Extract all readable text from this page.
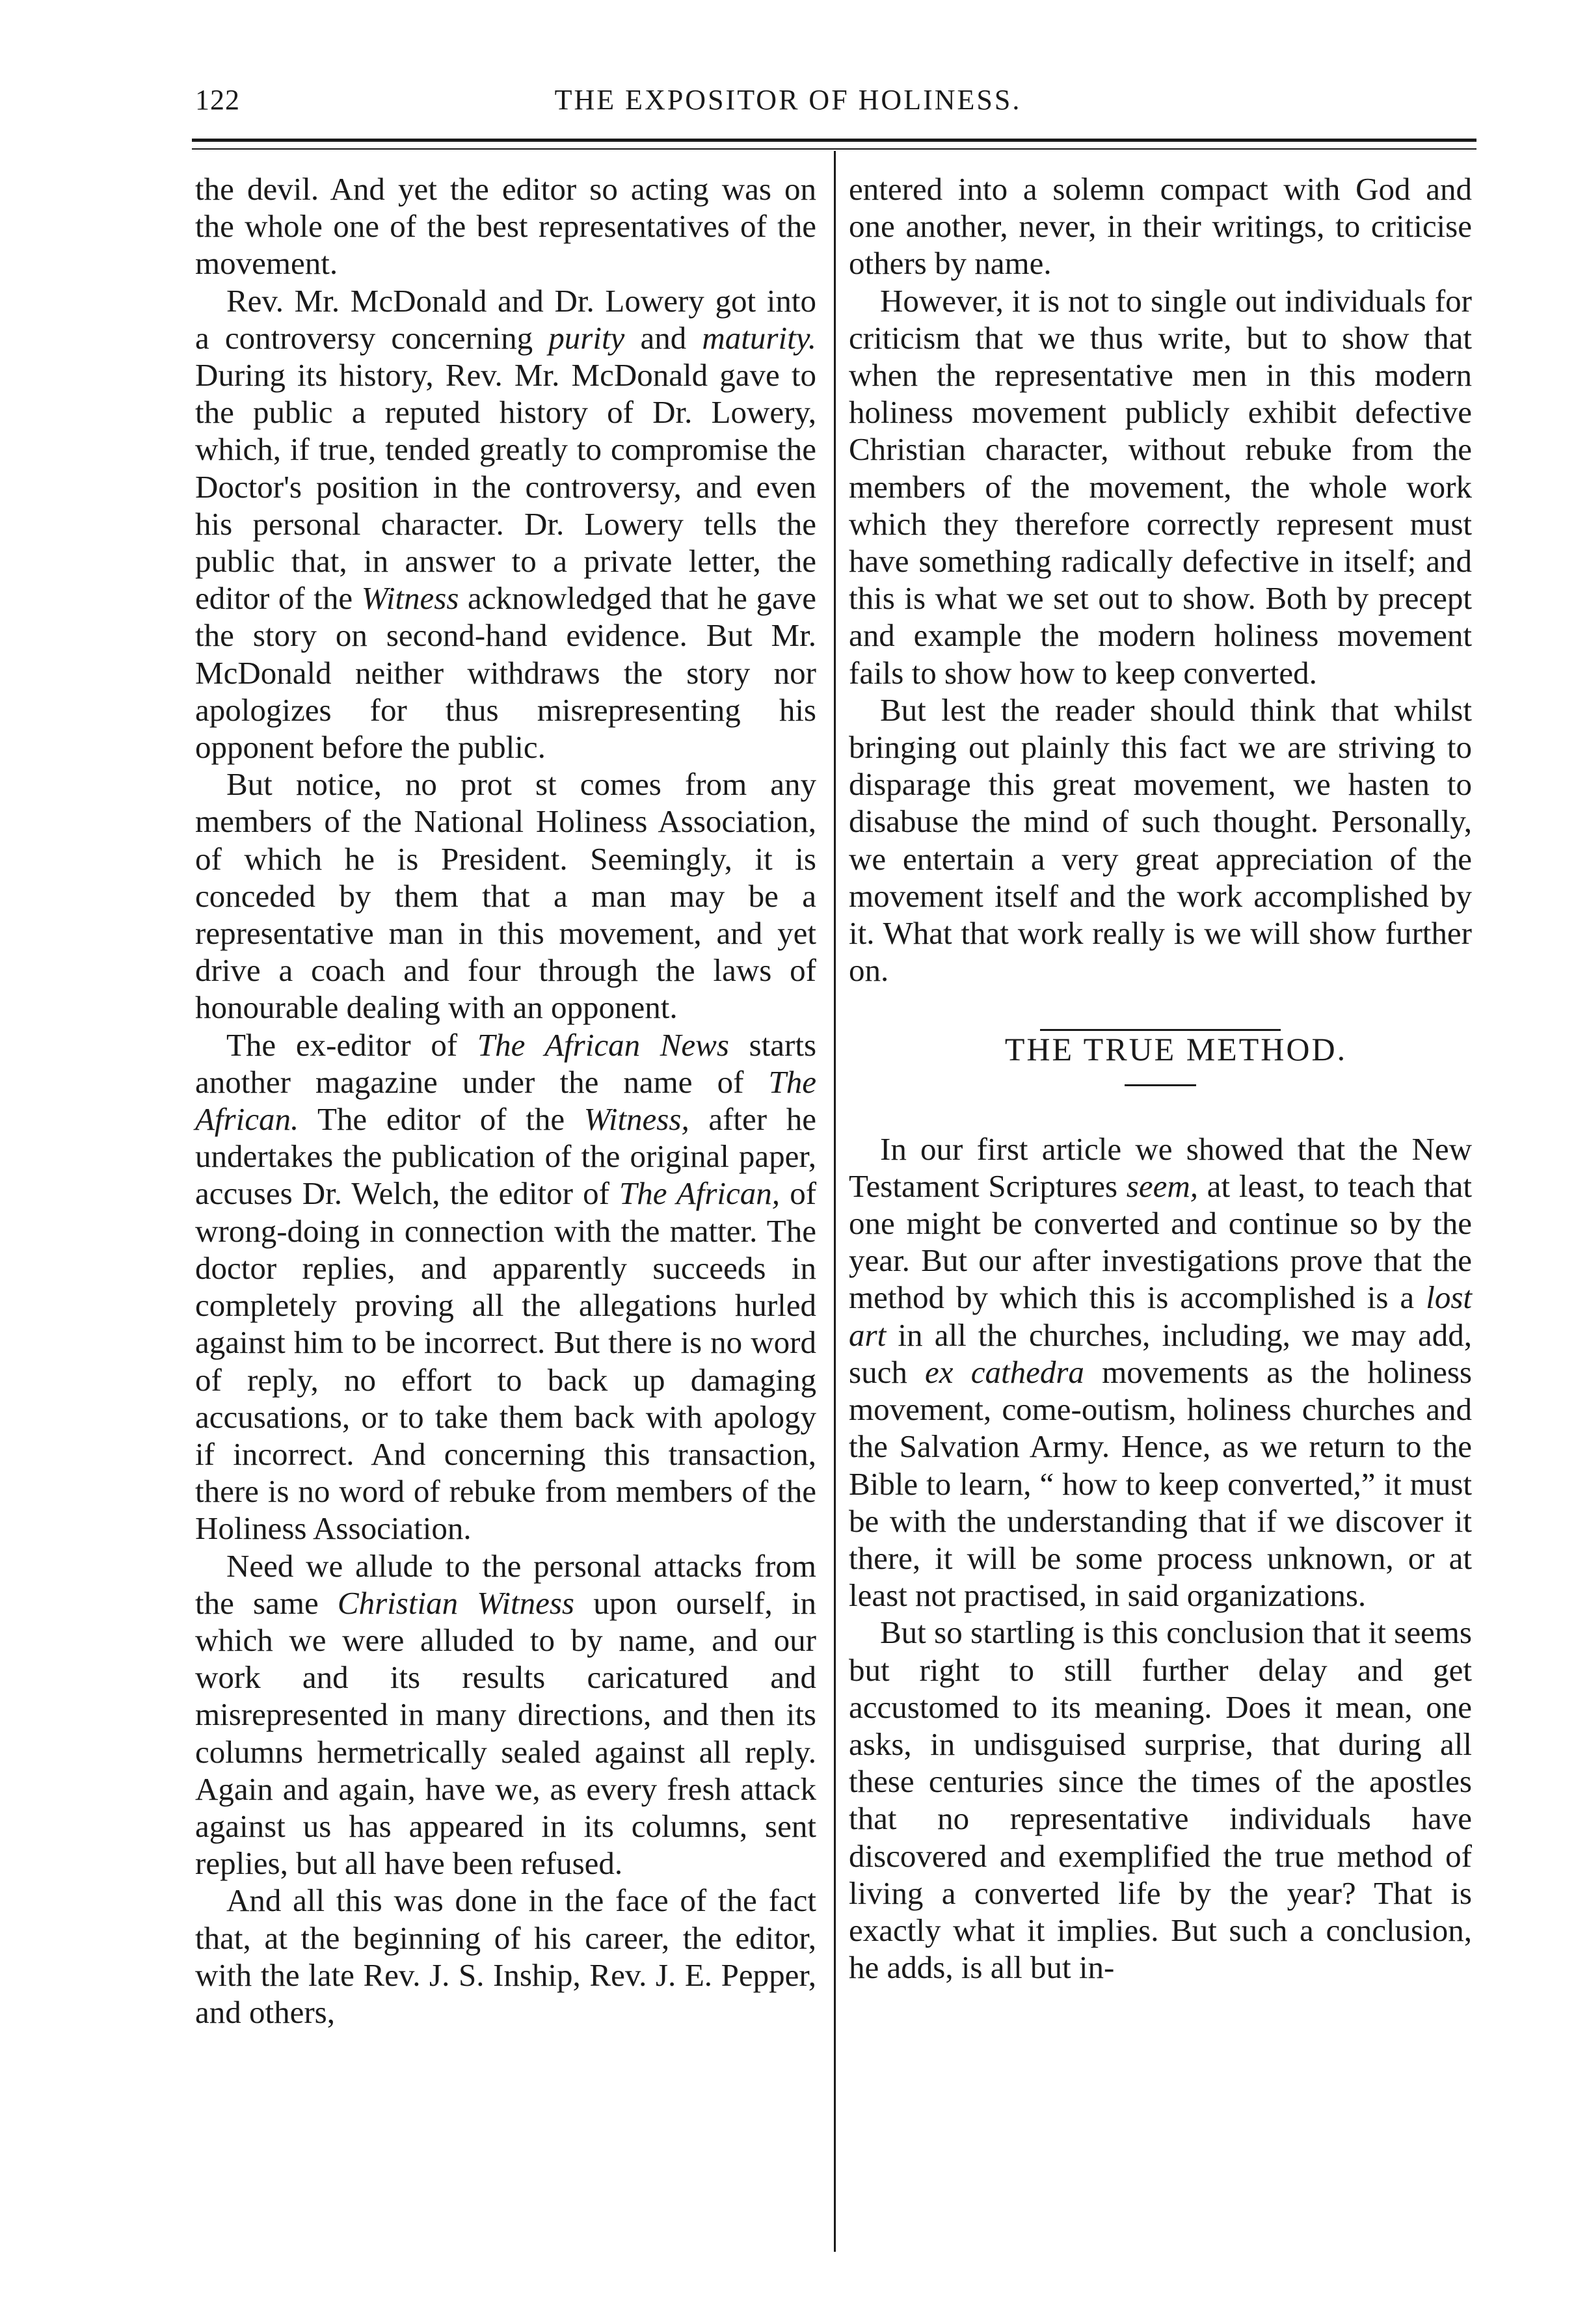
122	THE EXPOSITOR OF HOLINESS.

the devil. And yet the editor so acting was on the whole one of the best representatives of the movement.

Rev. Mr. McDonald and Dr. Lowery got into a controversy concerning purity and maturity. During its history, Rev. Mr. McDonald gave to the public a reputed history of Dr. Lowery, which, if true, tended greatly to compromise the Doctor's position in the controversy, and even his personal character. Dr. Lowery tells the public that, in answer to a private letter, the editor of the Witness acknowledged that he gave the story on second-hand evidence. But Mr. McDonald neither withdraws the story nor apologizes for thus misrepresenting his opponent before the public.

But notice, no prot st comes from any members of the National Holiness Association, of which he is President. Seemingly, it is conceded by them that a man may be a representative man in this movement, and yet drive a coach and four through the laws of honourable dealing with an opponent.

The ex-editor of The African News starts another magazine under the name of The African. The editor of the Witness, after he undertakes the publication of the original paper, accuses Dr. Welch, the editor of The African, of wrong-doing in connection with the matter. The doctor replies, and apparently succeeds in completely proving all the allegations hurled against him to be incorrect. But there is no word of reply, no effort to back up damaging accusations, or to take them back with apology if incorrect. And concerning this transaction, there is no word of rebuke from members of the Holiness Association.

Need we allude to the personal attacks from the same Christian Witness upon ourself, in which we were alluded to by name, and our work and its results caricatured and misrepresented in many directions, and then its columns hermetrically sealed against all reply. Again and again, have we, as every fresh attack against us has appeared in its columns, sent replies, but all have been refused.

And all this was done in the face of the fact that, at the beginning of his career, the editor, with the late Rev. J. S. Inship, Rev. J. E. Pepper, and others,

entered into a solemn compact with God and one another, never, in their writings, to criticise others by name.

However, it is not to single out individuals for criticism that we thus write, but to show that when the representative men in this modern holiness movement publicly exhibit defective Christian character, without rebuke from the members of the movement, the whole work which they therefore correctly represent must have something radically defective in itself; and this is what we set out to show. Both by precept and example the modern holiness movement fails to show how to keep converted.

But lest the reader should think that whilst bringing out plainly this fact we are striving to disparage this great movement, we hasten to disabuse the mind of such thought. Personally, we entertain a very great appreciation of the movement itself and the work accomplished by it. What that work really is we will show further on.

THE TRUE METHOD.

In our first article we showed that the New Testament Scriptures seem, at least, to teach that one might be converted and continue so by the year. But our after investigations prove that the method by which this is accomplished is a lost art in all the churches, including, we may add, such ex cathedra movements as the holiness movement, come-outism, holiness churches and the Salvation Army. Hence, as we return to the Bible to learn, “ how to keep converted,” it must be with the understanding that if we discover it there, it will be some process unknown, or at least not practised, in said organizations.

But so startling is this conclusion that it seems but right to still further delay and get accustomed to its meaning. Does it mean, one asks, in undisguised surprise, that during all these centuries since the times of the apostles that no representative individuals have discovered and exemplified the true method of living a converted life by the year? That is exactly what it implies. But such a conclusion, he adds, is all but in-
